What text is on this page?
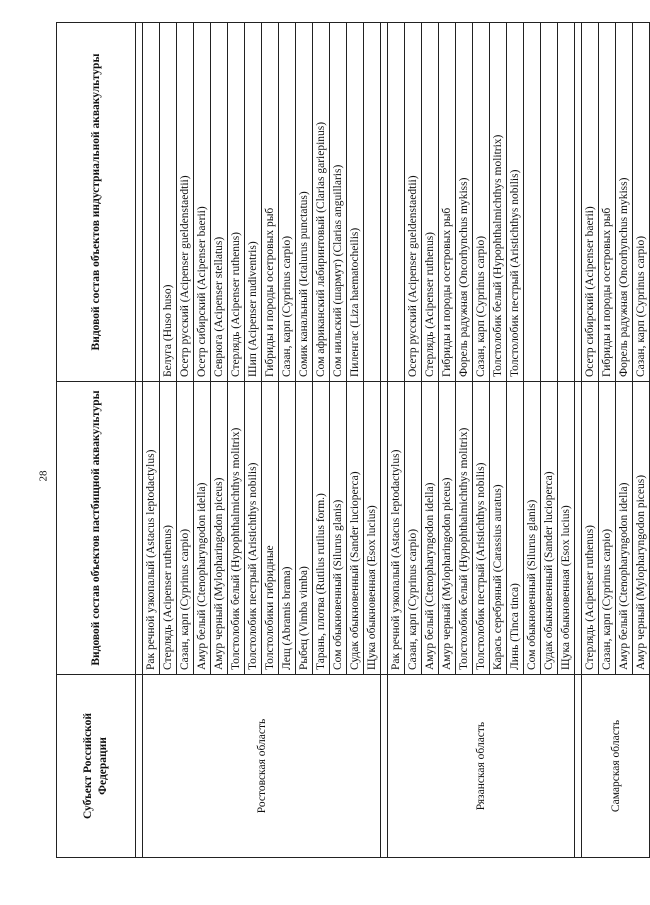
28
Субъект Российской Федерации	Видовой состав объектов пастбищной аквакультуры	Видовой состав объектов индустриальной аквакультуры

Ростовская область	Рак речной узкопалый (Astacus leptodactylus)	
	Стерлядь (Acipenser ruthenus)	Белуга (Huso huso)
	Сазан, карп (Cyprinus carpio)	Осетр русский (Acipenser gueldenstaedtii)
	Амур белый (Ctenopharyngodon idella)	Осетр сибирский (Acipenser baerii)
	Амур черный (Mylopharingodon piceus)	Севрюга (Acipenser stellatus)
	Толстолобик белый (Hypophthalmichthys molitrix)	Стерлядь (Acipenser ruthenus)
	Толстолобик пестрый (Aristichthys nobilis)	Шип (Acipenser nudiventris)
	Толстолобики гибридные	Гибриды и породы осетровых рыб
	Лещ (Abramis brama)	Сазан, карп (Cyprinus carpio)
	Рыбец (Vimba vimba)	Сомик канальный (Ictalurus punctatus)
	Тарань, плотва (Rutilus rutilus form.)	Сом африканский лабиринтовый (Clarias gariepinus)
	Сом обыкновенный (Silurus glanis)	Сом нильский (шармут) (Clarias anguillaris)
	Судак обыкновенный (Sander lucioperca)	Пиленгас (Liza haematocheilis)
	Щука обыкновенная (Esox lucius)	

Рязанская область	Рак речной узкопалый (Astacus leptodactylus)	
	Сазан, карп (Cyprinus carpio)	Осетр русский (Acipenser gueldenstaedtii)
	Амур белый (Ctenopharyngodon idella)	Стерлядь (Acipenser ruthenus)
	Амур черный (Mylopharingodon piceus)	Гибриды и породы осетровых рыб
	Толстолобик белый (Hypophthalmichthys molitrix)	Форель радужная (Oncorhynchus mykiss)
	Толстолобик пестрый (Aristichthys nobilis)	Сазан, карп (Cyprinus carpio)
	Карась серебряный (Carassius auratus)	Толстолобик белый (Hypophthalmichthys molitrix)
	Линь (Tinca tinca)	Толстолобик пестрый (Aristichthys nobilis)
	Сом обыкновенный (Silurus glanis)	
	Судак обыкновенный (Sander lucioperca)	
	Щука обыкновенная (Esox lucius)	

Самарская область	Стерлядь (Acipenser ruthenus)	Осетр сибирский (Acipenser baerii)
	Сазан, карп (Cyprinus carpio)	Гибриды и породы осетровых рыб
	Амур белый (Ctenopharyngodon idella)	Форель радужная (Oncorhynchus mykiss)
	Амур черный (Mylopharyngodon piceus)	Сазан, карп (Cyprinus carpio)
